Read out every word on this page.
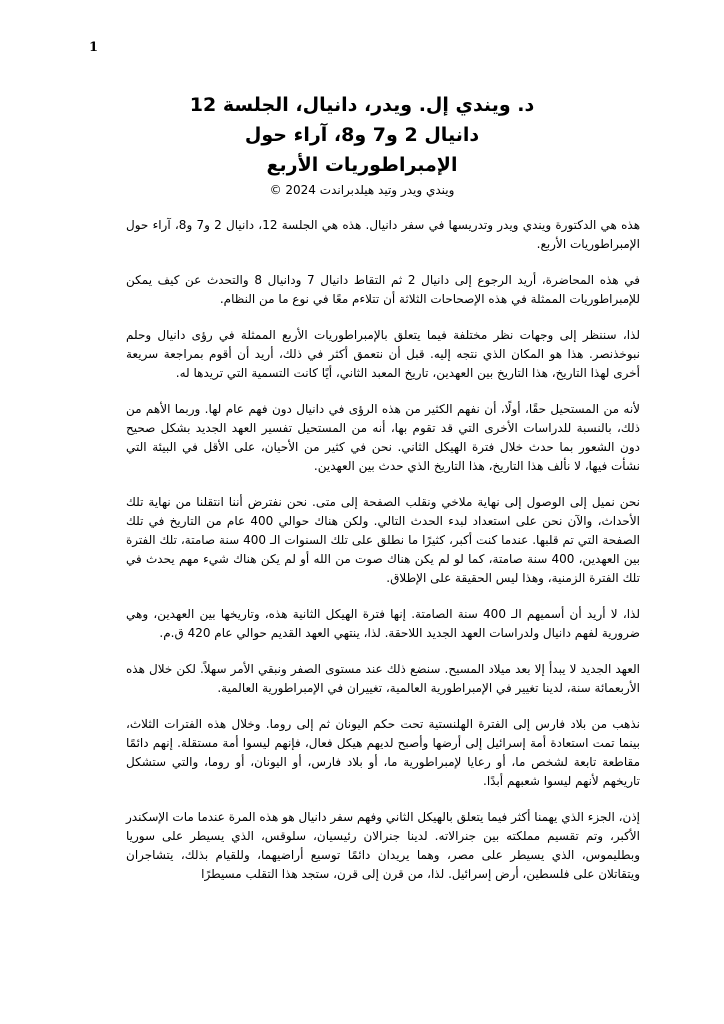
1
د. ويندي إل. ويدر، دانيال، الجلسة 12
دانيال 2 و7 و8، آراء حول
الإمبراطوريات الأربع
ويندي ويدر وتيد هيلدبراندت 2024 ©

هذه هي الدكتورة ويندي ويدر وتدريسها في سفر دانيال. هذه هي الجلسة 12، دانيال 2 و7 و8، آراء حول الإمبراطوريات الأربع.

في هذه المحاضرة، أريد الرجوع إلى دانيال 2 ثم التقاط دانيال 7 ودانيال 8 والتحدث عن كيف يمكن للإمبراطوريات الممثلة في هذه الإصحاحات الثلاثة أن تتلاءم معًا في نوع ما من النظام.

لذا، سننظر إلى وجهات نظر مختلفة فيما يتعلق بالإمبراطوريات الأربع الممثلة في رؤى دانيال وحلم نبوخذنصر. هذا هو المكان الذي نتجه إليه. قبل أن نتعمق أكثر في ذلك، أريد أن أقوم بمراجعة سريعة أخرى لهذا التاريخ، هذا التاريخ بين العهدين، تاريخ المعبد الثاني، أيًا كانت التسمية التي تريدها له.

لأنه من المستحيل حقًا، أولًا، أن نفهم الكثير من هذه الرؤى في دانيال دون فهم عام لها. وربما الأهم من ذلك، بالنسبة للدراسات الأخرى التي قد تقوم بها، أنه من المستحيل تفسير العهد الجديد بشكل صحيح دون الشعور بما حدث خلال فترة الهيكل الثاني. نحن في كثير من الأحيان، على الأقل في البيئة التي نشأت فيها، لا نألف هذا التاريخ، هذا التاريخ الذي حدث بين العهدين.

نحن نميل إلى الوصول إلى نهاية ملاخي ونقلب الصفحة إلى متى. نحن نفترض أننا انتقلنا من نهاية تلك الأحداث، والآن نحن على استعداد لبدء الحدث التالي. ولكن هناك حوالي 400 عام من التاريخ في تلك الصفحة التي تم قلبها. عندما كنت أكبر، كثيرًا ما نطلق على تلك السنوات الـ 400 سنة صامتة، تلك الفترة بين العهدين، 400 سنة صامتة، كما لو لم يكن هناك صوت من الله أو لم يكن هناك شيء مهم يحدث في تلك الفترة الزمنية، وهذا ليس الحقيقة على الإطلاق.

لذا، لا أريد أن أسميهم الـ 400 سنة الصامتة. إنها فترة الهيكل الثانية هذه، وتاريخها بين العهدين، وهي ضرورية لفهم دانيال ولدراسات العهد الجديد اللاحقة. لذا، ينتهي العهد القديم حوالي عام 420 ق.م.

العهد الجديد لا يبدأ إلا بعد ميلاد المسيح. سنضع ذلك عند مستوى الصفر ونبقي الأمر سهلاً. لكن خلال هذه الأربعمائة سنة، لدينا تغيير في الإمبراطورية العالمية، تغييران في الإمبراطورية العالمية.

نذهب من بلاد فارس إلى الفترة الهلنستية تحت حكم اليونان ثم إلى روما. وخلال هذه الفترات الثلاث، بينما تمت استعادة أمة إسرائيل إلى أرضها وأصبح لديهم هيكل فعال، فإنهم ليسوا أمة مستقلة. إنهم دائمًا مقاطعة تابعة لشخص ما، أو رعايا لإمبراطورية ما، أو بلاد فارس، أو اليونان، أو روما، والتي ستشكل تاريخهم لأنهم ليسوا شعبهم أبدًا.

إذن، الجزء الذي يهمنا أكثر فيما يتعلق بالهيكل الثاني وفهم سفر دانيال هو هذه المرة عندما مات الإسكندر الأكبر، وتم تقسيم مملكته بين جنرالاته. لدينا جنرالان رئيسيان، سلوقس، الذي يسيطر على سوريا وبطليموس، الذي يسيطر على مصر، وهما يريدان دائمًا توسيع أراضيهما، وللقيام بذلك، يتشاجران ويتقاتلان على فلسطين، أرض إسرائيل. لذا، من قرن إلى قرن، ستجد هذا التقلب مسيطرًا
